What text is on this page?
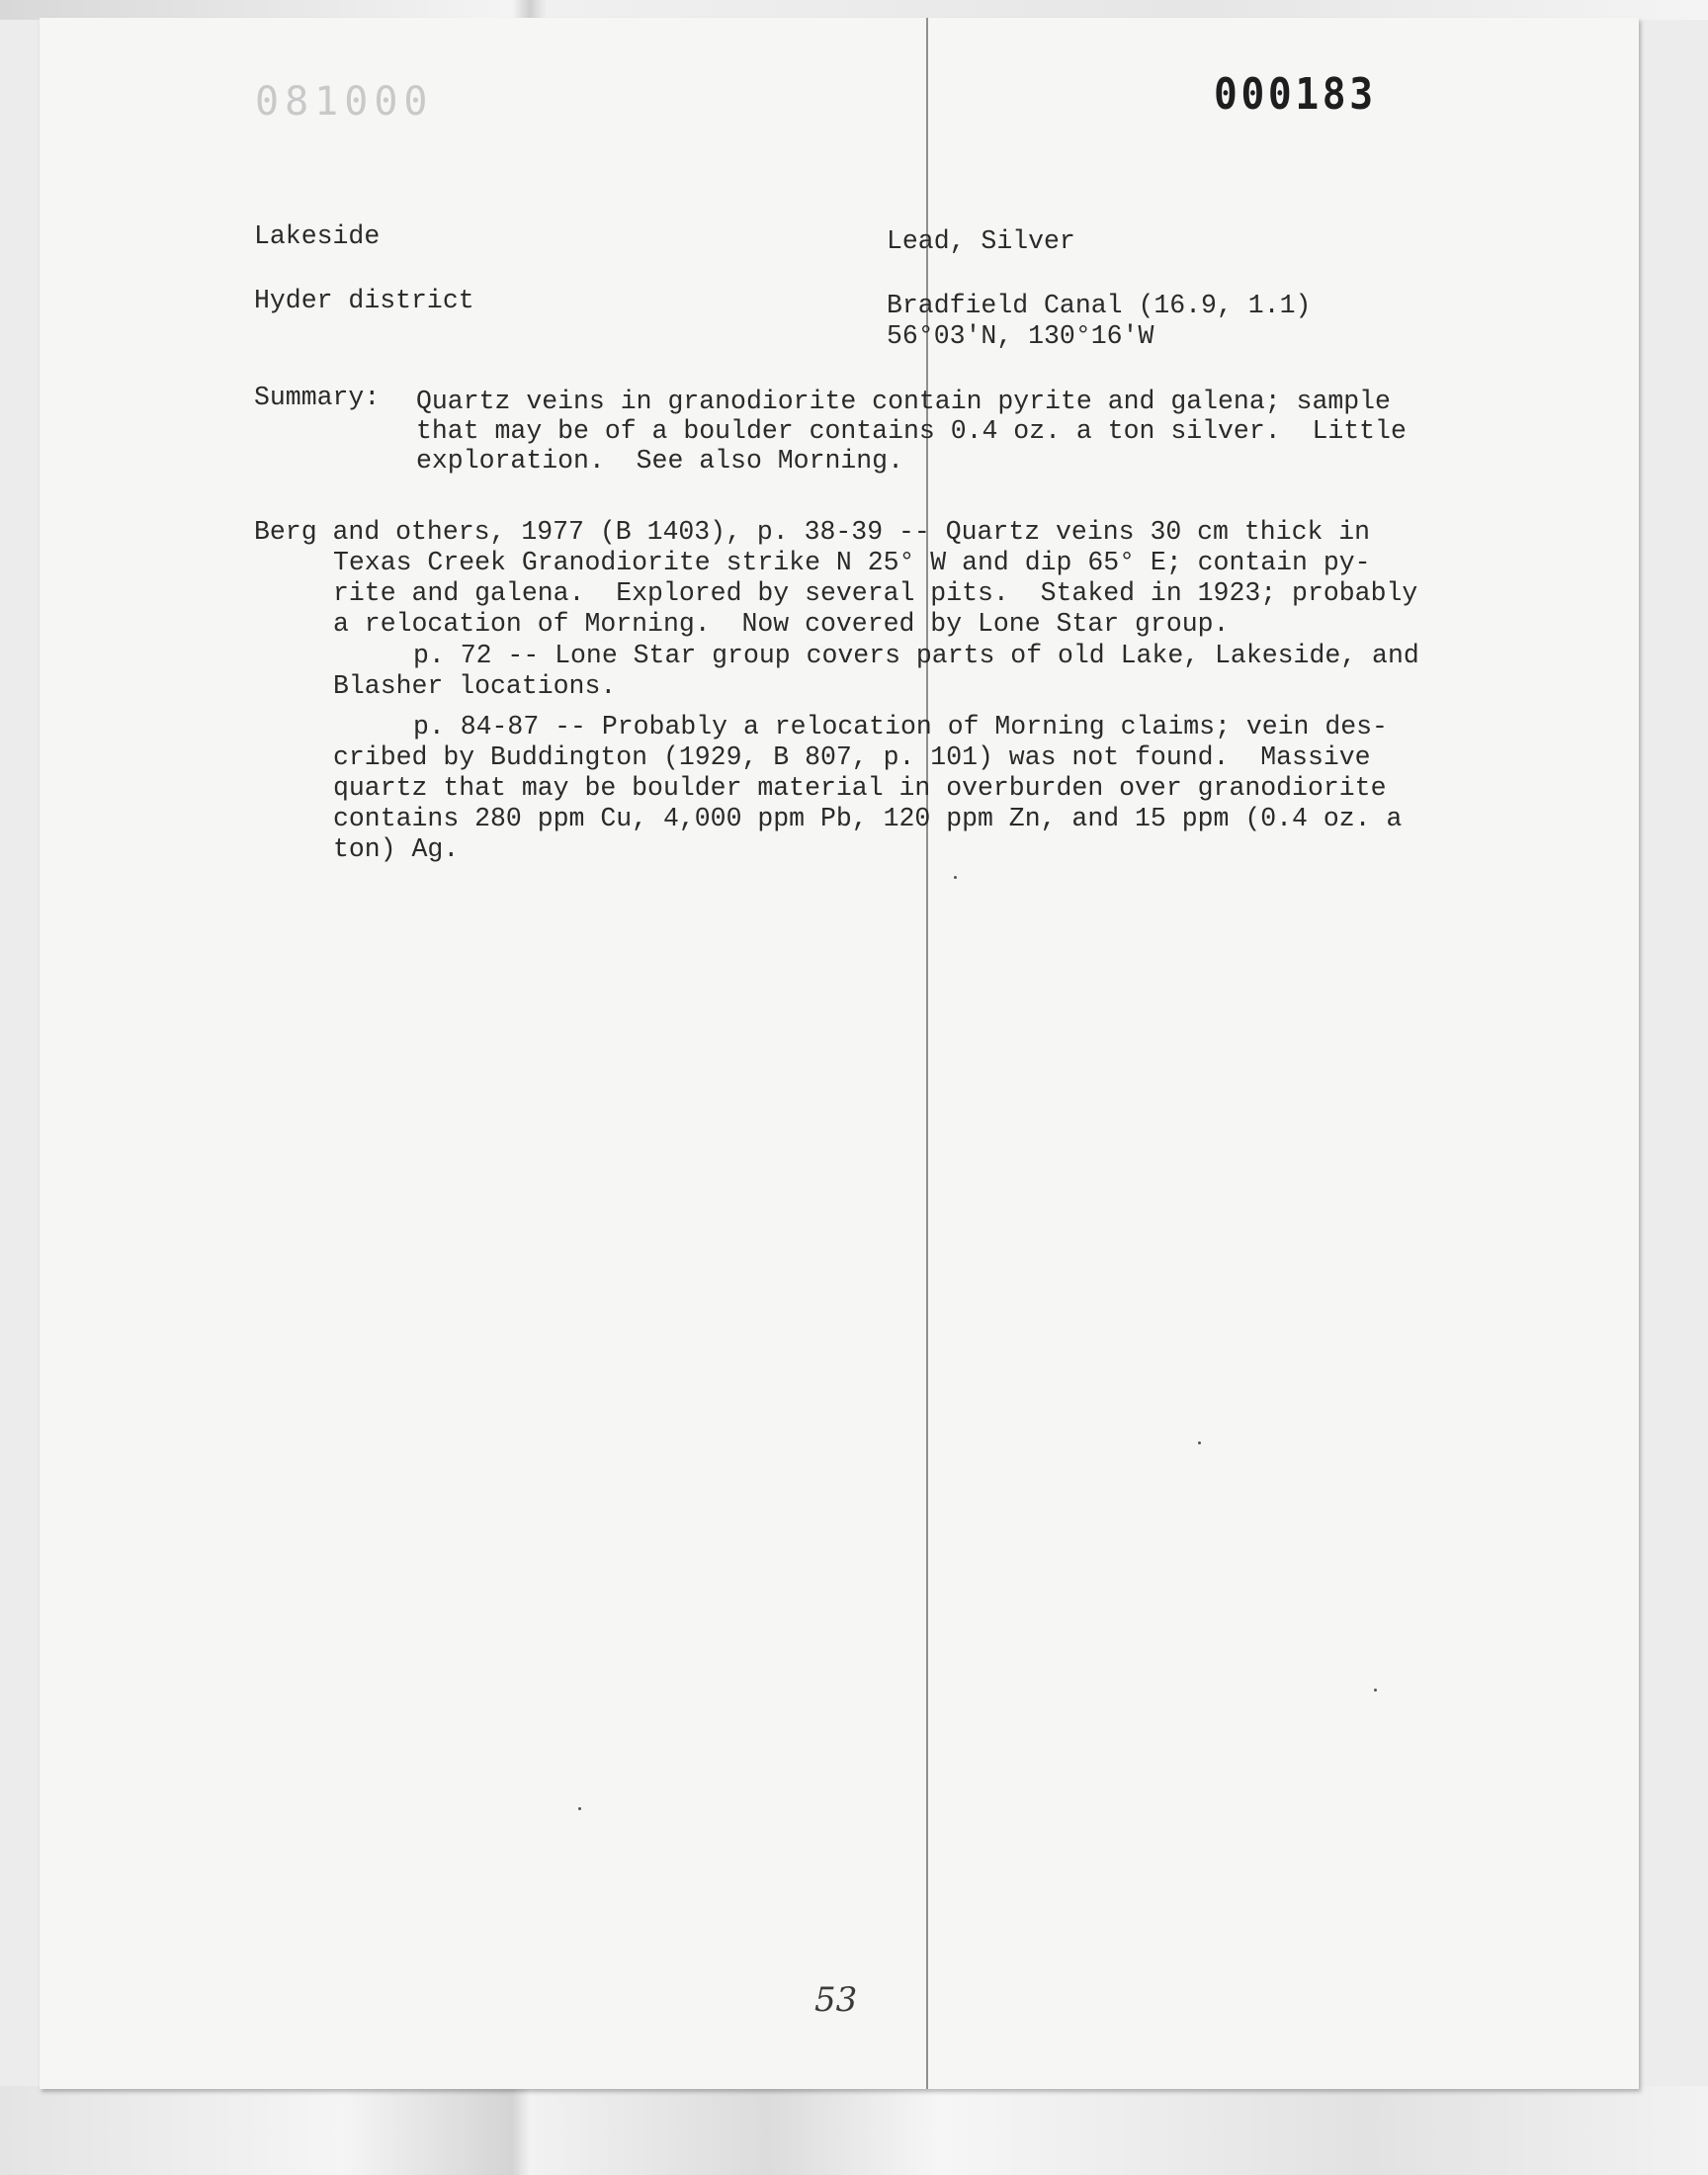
081000	000183

Lakeside	Lead, Silver

Hyder district	Bradfield Canal (16.9, 1.1)

56°03'N, 130°16'W

Summary: Quartz veins in granodiorite contain pyrite and galena; sample

that may be of a boulder contains 0.4 oz. a ton silver.  Little

exploration.  See also Morning.

Berg and others, 1977 (B 1403), p. 38-39 -- Quartz veins 30 cm thick in

Texas Creek Granodiorite strike N 25° W and dip 65° E; contain py-

rite and galena.  Explored by several pits.  Staked in 1923; probably

a relocation of Morning.  Now covered by Lone Star group.

p. 72 -- Lone Star group covers parts of old Lake, Lakeside, and

Blasher locations.

p. 84-87 -- Probably a relocation of Morning claims; vein des-

cribed by Buddington (1929, B 807, p. 101) was not found.  Massive

quartz that may be boulder material in overburden over granodiorite

contains 280 ppm Cu, 4,000 ppm Pb, 120 ppm Zn, and 15 ppm (0.4 oz. a

ton) Ag.

53
